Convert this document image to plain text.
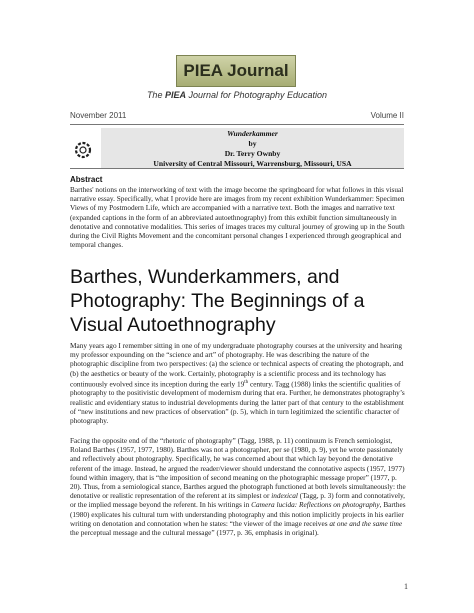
PIEA Journal
The PIEA Journal for Photography Education
November 2011	Volume II
Wunderkammer
by
Dr. Terry Ownby
University of Central Missouri, Warrensburg, Missouri, USA
Abstract
Barthes' notions on the interworking of text with the image become the springboard for what follows in this visual narrative essay. Specifically, what I provide here are images from my recent exhibition Wunderkammer: Specimen Views of my Postmodern Life, which are accompanied with a narrative text. Both the images and narrative text (expanded captions in the form of an abbreviated autoethnography) from this exhibit function simultaneously in denotative and connotative modalities. This series of images traces my cultural journey of growing up in the South during the Civil Rights Movement and the concomitant personal changes I experienced through geographical and temporal changes.
Barthes, Wunderkammers, and Photography: The Beginnings of a Visual Autoethnography

Many years ago I remember sitting in one of my undergraduate photography courses at the university and hearing my professor expounding on the “science and art” of photography. He was describing the nature of the photographic discipline from two perspectives: (a) the science or technical aspects of creating the photograph, and (b) the aesthetics or beauty of the work. Certainly, photography is a scientific process and its technology has continuously evolved since its inception during the early 19th century. Tagg (1988) links the scientific qualities of photography to the positivistic development of modernism during that era. Further, he demonstrates photography’s realistic and evidentiary status to industrial developments during the latter part of that century to the establishment of “new institutions and new practices of observation” (p. 5), which in turn legitimized the scientific character of photography.

Facing the opposite end of the “rhetoric of photography” (Tagg, 1988, p. 11) continuum is French semiologist, Roland Barthes (1957, 1977, 1980). Barthes was not a photographer, per se (1980, p. 9), yet he wrote passionately and reflectively about photography. Specifically, he was concerned about that which lay beyond the denotative referent of the image. Instead, he argued the reader/viewer should understand the connotative aspects (1957, 1977) found within imagery, that is “the imposition of second meaning on the photographic message proper” (1977, p. 20). Thus, from a semiological stance, Barthes argued the photograph functioned at both levels simultaneously: the denotative or realistic representation of the referent at its simplest or indexical (Tagg, p. 3) form and connotatively, or the implied message beyond the referent. In his writings in Camera lucida: Reflections on photography, Barthes (1980) explicates his cultural turn with understanding photography and this notion implicitly projects in his earlier writing on denotation and connotation when he states: “the viewer of the image receives at one and the same time the perceptual message and the cultural message” (1977, p. 36, emphasis in original).

1
